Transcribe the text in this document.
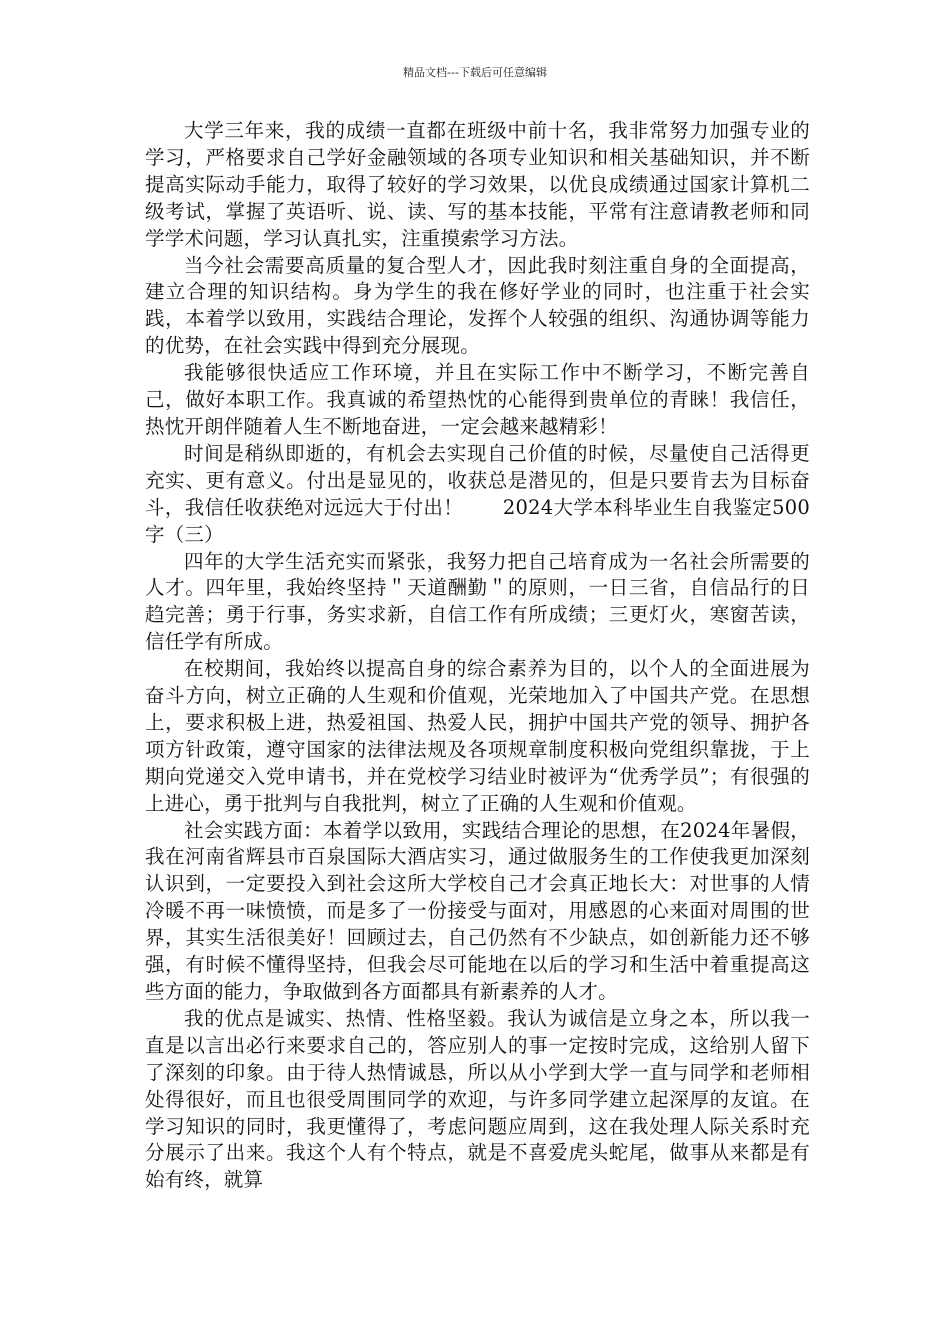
精品文档---下载后可任意编辑

大学三年来，我的成绩一直都在班级中前十名，我非常努力加强专业的学习，严格要求自己学好金融领域的各项专业知识和相关基础知识，并不断提高实际动手能力，取得了较好的学习效果，以优良成绩通过国家计算机二级考试，掌握了英语听、说、读、写的基本技能，平常有注意请教老师和同学学术问题，学习认真扎实，注重摸索学习方法。

当今社会需要高质量的复合型人才，因此我时刻注重自身的全面提高，建立合理的知识结构。身为学生的我在修好学业的同时，也注重于社会实践，本着学以致用，实践结合理论，发挥个人较强的组织、沟通协调等能力的优势，在社会实践中得到充分展现。

我能够很快适应工作环境，并且在实际工作中不断学习，不断完善自己，做好本职工作。我真诚的希望热忱的心能得到贵单位的青睐！我信任，热忱开朗伴随着人生不断地奋进，一定会越来越精彩！

时间是稍纵即逝的，有机会去实现自己价值的时候，尽量使自己活得更充实、更有意义。付出是显见的，收获总是潜见的，但是只要肯去为目标奋斗，我信任收获绝对远远大于付出！　　2024大学本科毕业生自我鉴定500字（三）

四年的大学生活充实而紧张，我努力把自己培育成为一名社会所需要的人才。四年里，我始终坚持＂天道酬勤＂的原则，一日三省，自信品行的日趋完善；勇于行事，务实求新，自信工作有所成绩；三更灯火，寒窗苦读，信任学有所成。

在校期间，我始终以提高自身的综合素养为目的，以个人的全面进展为奋斗方向，树立正确的人生观和价值观，光荣地加入了中国共产党。在思想上，要求积极上进，热爱祖国、热爱人民，拥护中国共产党的领导、拥护各项方针政策，遵守国家的法律法规及各项规章制度积极向党组织靠拢，于上期向党递交入党申请书，并在党校学习结业时被评为“优秀学员”；有很强的上进心，勇于批判与自我批判，树立了正确的人生观和价值观。

社会实践方面：本着学以致用，实践结合理论的思想，在2024年暑假，我在河南省辉县市百泉国际大酒店实习，通过做服务生的工作使我更加深刻认识到，一定要投入到社会这所大学校自己才会真正地长大：对世事的人情冷暖不再一味愤愤，而是多了一份接受与面对，用感恩的心来面对周围的世界，其实生活很美好！回顾过去，自己仍然有不少缺点，如创新能力还不够强，有时候不懂得坚持，但我会尽可能地在以后的学习和生活中着重提高这些方面的能力，争取做到各方面都具有新素养的人才。

我的优点是诚实、热情、性格坚毅。我认为诚信是立身之本，所以我一直是以言出必行来要求自己的，答应别人的事一定按时完成，这给别人留下了深刻的印象。由于待人热情诚恳，所以从小学到大学一直与同学和老师相处得很好，而且也很受周围同学的欢迎，与许多同学建立起深厚的友谊。在学习知识的同时，我更懂得了，考虑问题应周到，这在我处理人际关系时充分展示了出来。我这个人有个特点，就是不喜爱虎头蛇尾，做事从来都是有始有终，就算
